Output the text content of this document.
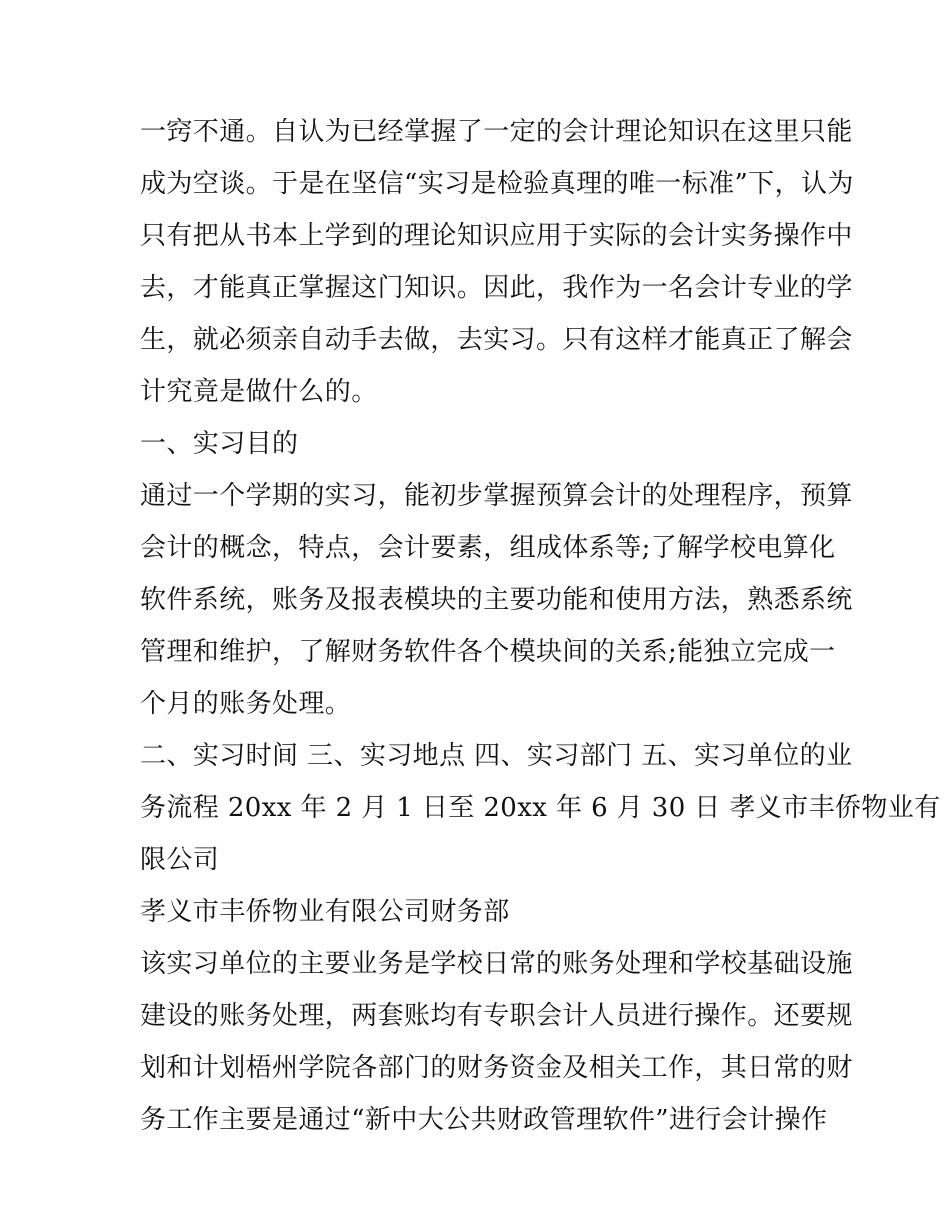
一窍不通。自认为已经掌握了一定的会计理论知识在这里只能
成为空谈。于是在坚信“实习是检验真理的唯一标准”下，认为
只有把从书本上学到的理论知识应用于实际的会计实务操作中
去，才能真正掌握这门知识。因此，我作为一名会计专业的学
生，就必须亲自动手去做，去实习。只有这样才能真正了解会
计究竟是做什么的。
一、实习目的
通过一个学期的实习，能初步掌握预算会计的处理程序，预算
会计的概念，特点，会计要素，组成体系等;了解学校电算化
软件系统，账务及报表模块的主要功能和使用方法，熟悉系统
管理和维护，了解财务软件各个模块间的关系;能独立完成一
个月的账务处理。
二、实习时间 三、实习地点 四、实习部门 五、实习单位的业
务流程 20xx 年 2 月 1 日至 20xx 年 6 月 30 日 孝义市丰侨物业有
限公司
孝义市丰侨物业有限公司财务部
该实习单位的主要业务是学校日常的账务处理和学校基础设施
建设的账务处理，两套账均有专职会计人员进行操作。还要规
划和计划梧州学院各部门的财务资金及相关工作，其日常的财
务工作主要是通过“新中大公共财政管理软件”进行会计操作
